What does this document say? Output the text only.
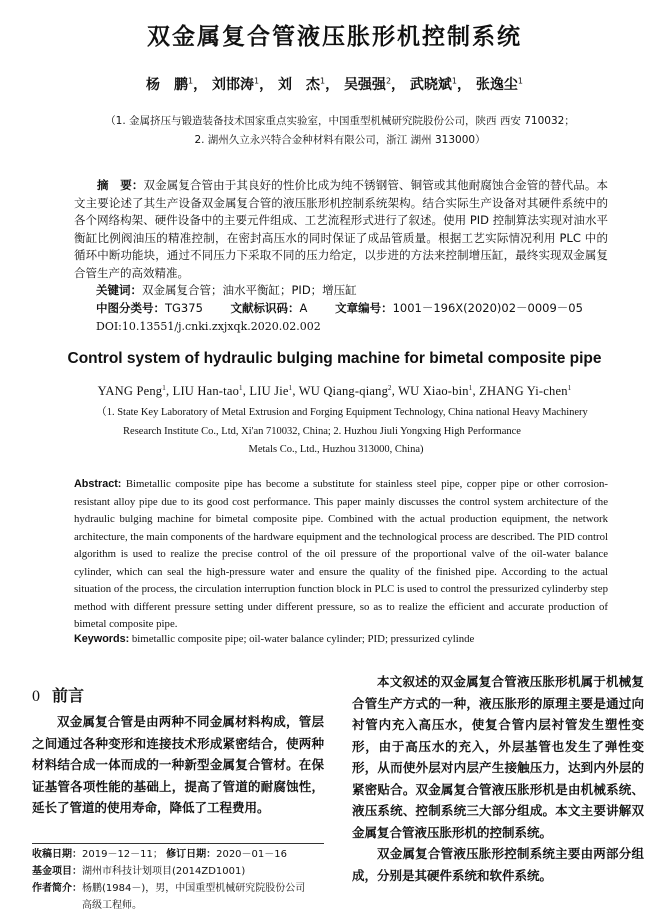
双金属复合管液压胀形机控制系统
杨　鹏$^1$， 刘邯涛$^1$， 刘　杰$^1$， 吴强强$^2$， 武晓斌$^1$， 张逸尘$^1$
（1. 金属挤压与锻造装备技术国家重点实验室，中国重型机械研究院股份公司，陕西 西安 710032；
2. 湖州久立永兴特合金种材料有限公司，浙江 湖州 313000）
摘　要：双金属复合管由于其良好的性价比成为纯不锈钢管、铜管或其他耐腐蚀合金管的替代品。本文主要论述了其生产设备双金属复合管的液压胀形机控制系统架构。结合实际生产设备对其硬件系统中的各个网络构架、硬件设备中的主要元件组成、工艺流程形式进行了叙述。使用 PID 控制算法实现对油水平衡缸比例阀油压的精准控制，在密封高压水的同时保证了成品管质量。根据工艺实际情况利用 PLC 中的循环中断功能块，通过不同压力下采取不同的压力给定，以步进的方法来控制增压缸，最终实现双金属复合管生产的高效精准。
关键词：双金属复合管；油水平衡缸；PID；增压缸
中图分类号：TG375 文献标识码：A 文章编号：1001－196X(2020)02－0009－05
DOI:10.13551/j.cnki.zxjxqk.2020.02.002
Control system of hydraulic bulging machine for bimetal composite pipe
YANG Peng$^1$, LIU Han-tao$^1$, LIU Jie$^1$, WU Qiang-qiang$^2$, WU Xiao-bin$^1$, ZHANG Yi-chen$^1$
（1. State Key Laboratory of Metal Extrusion and Forging Equipment Technology, China national Heavy Machinery
Research Institute Co., Ltd, Xi'an 710032, China; 2. Huzhou Jiuli Yongxing High Performance
Metals Co., Ltd., Huzhou 313000, China)
Abstract: Bimetallic composite pipe has become a substitute for stainless steel pipe, copper pipe or other corrosion-resistant alloy pipe due to its good cost performance. This paper mainly discusses the control system architecture of the hydraulic bulging machine for bimetal composite pipe. Combined with the actual production equipment, the network architecture, the main components of the hardware equipment and the technological process are described. The PID control algorithm is used to realize the precise control of the oil pressure of the proportional valve of the oil-water balance cylinder, which can seal the high-pressure water and ensure the quality of the finished pipe. According to the actual situation of the process, the circulation interruption function block in PLC is used to control the pressurized cylinderby step method with different pressure setting under different pressure, so as to realize the efficient and accurate production of bimetal composite pipe.
Keywords: bimetallic composite pipe; oil-water balance cylinder; PID; pressurized cylinde
0 前言
双金属复合管是由两种不同金属材料构成，管层之间通过各种变形和连接技术形成紧密结合，使两种材料结合成一体而成的一种新型金属复合管材。在保证基管各项性能的基础上，提高了管道的耐腐蚀性，延长了管道的使用寿命，降低了工程费用。

本文叙述的双金属复合管液压胀形机属于机械复合管生产方式的一种，液压胀形的原理主要是通过向衬管内充入高压水，使复合管内层衬管发生塑性变形，由于高压水的充入，外层基管也发生了弹性变形，从而使外层对内层产生接触压力，达到内外层的紧密贴合。双金属复合管液压胀形机是由机械系统、液压系统、控制系统三大部分组成。本文主要讲解双金属复合管液压胀形机的控制系统。

双金属复合管液压胀形控制系统主要由两部分组成，分别是其硬件系统和软件系统。

收稿日期：2019－12－11； 修订日期：2020－01－16
基金项目：湖州市科技计划项目(2014ZD1001)
作者简介：杨鹏(1984－)，男，中国重型机械研究院股份公司
高级工程师。
